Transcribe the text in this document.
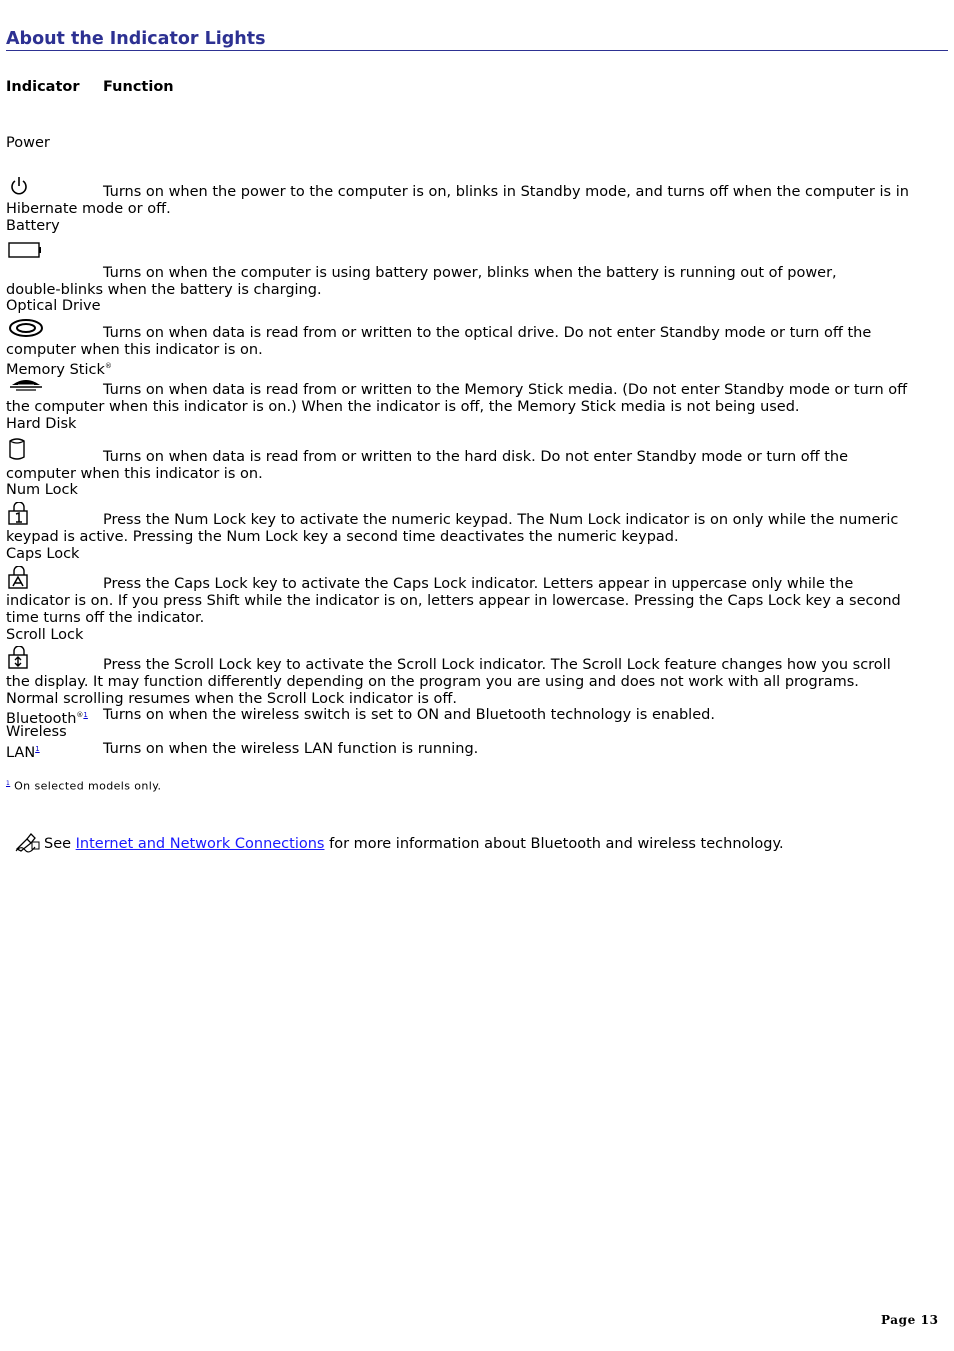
About the Indicator Lights
Indicator Function
Power
Turns on when the power to the computer is on, blinks in Standby mode, and turns off when the computer is in
Hibernate mode or off.
Battery
Turns on when the computer is using battery power, blinks when the battery is running out of power,
double-blinks when the battery is charging.
Optical Drive
Turns on when data is read from or written to the optical drive. Do not enter Standby mode or turn off the
computer when this indicator is on.
Memory Stick®
Turns on when data is read from or written to the Memory Stick media. (Do not enter Standby mode or turn off
the computer when this indicator is on.) When the indicator is off, the Memory Stick media is not being used.
Hard Disk
Turns on when data is read from or written to the hard disk. Do not enter Standby mode or turn off the
computer when this indicator is on.
Num Lock
Press the Num Lock key to activate the numeric keypad. The Num Lock indicator is on only while the numeric
keypad is active. Pressing the Num Lock key a second time deactivates the numeric keypad.
Caps Lock
Press the Caps Lock key to activate the Caps Lock indicator. Letters appear in uppercase only while the
indicator is on. If you press Shift while the indicator is on, letters appear in lowercase. Pressing the Caps Lock key a second
time turns off the indicator.
Scroll Lock
Press the Scroll Lock key to activate the Scroll Lock indicator. The Scroll Lock feature changes how you scroll
the display. It may function differently depending on the program you are using and does not work with all programs.
Normal scrolling resumes when the Scroll Lock indicator is off.
Bluetooth$^{®1}$ Turns on when the wireless switch is set to ON and Bluetooth technology is enabled.
Wireless
LAN$^1$	Turns on when the wireless LAN function is running.
$^1$ On selected models only.
See Internet and Network Connections for more information about Bluetooth and wireless technology.
Page 13
